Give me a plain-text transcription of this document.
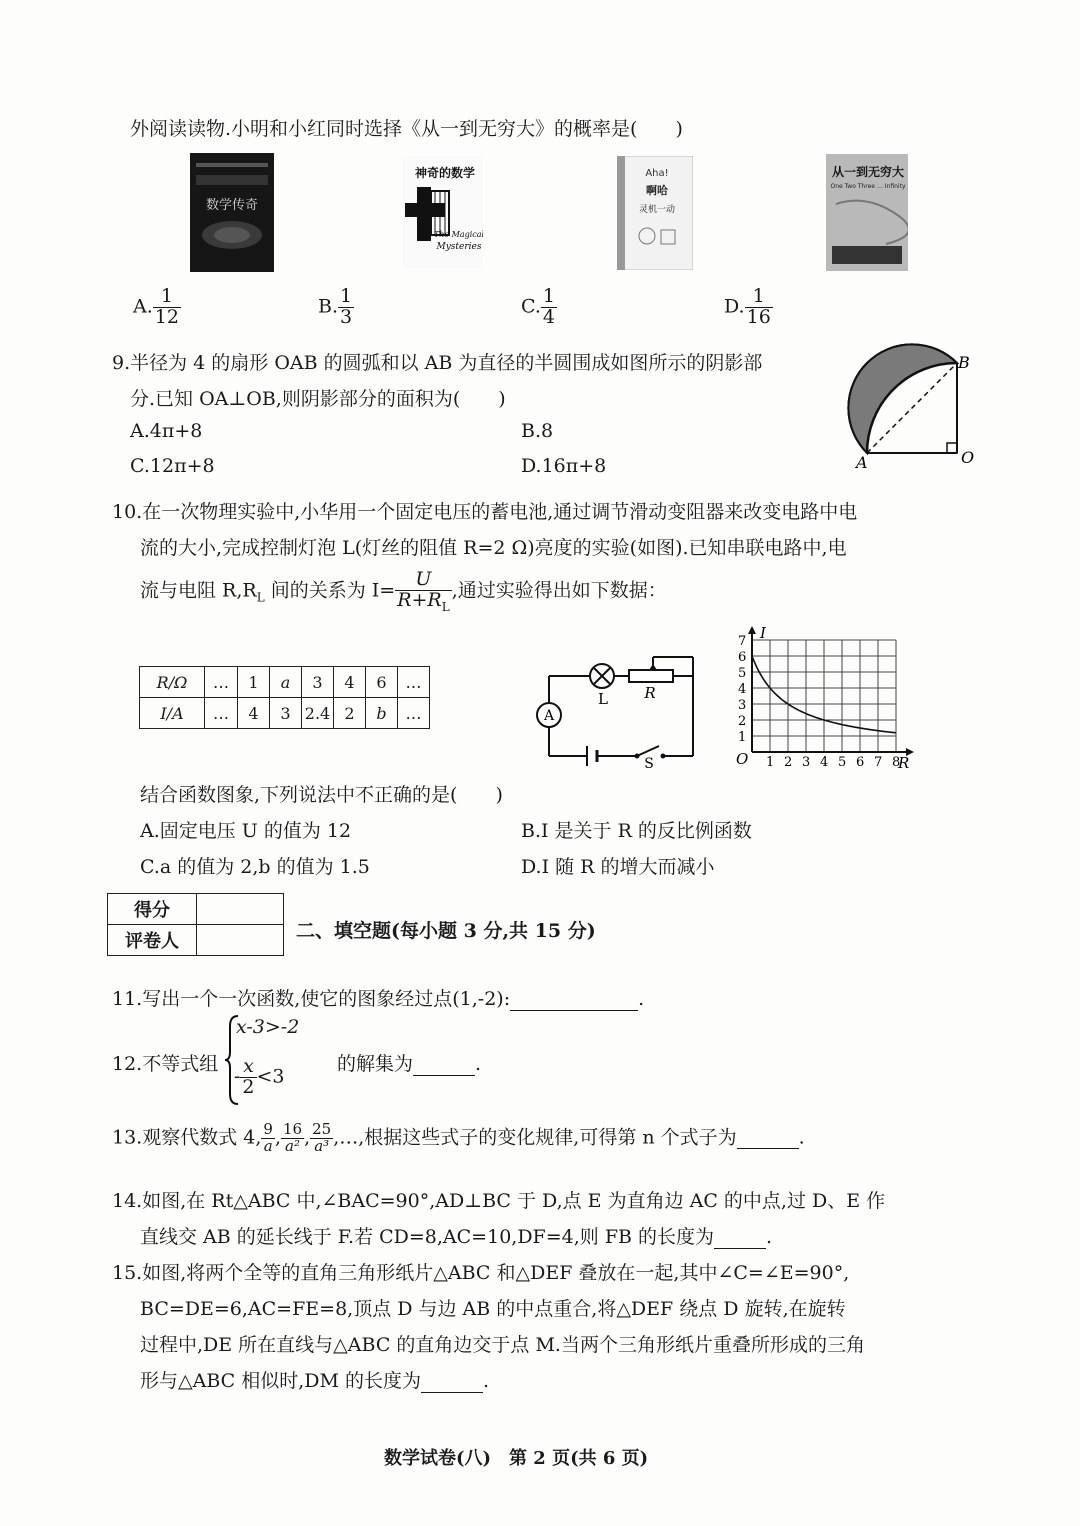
外阅读读物.小明和小红同时选择《从一到无穷大》的概率是(　　)
数学传奇
神奇的数学
The Magical
Mysteries
Aha!
啊哈
灵机一动
从一到无穷大
One Two Three … Infinity
A. $\frac{1}{12}$	B. $\frac{1}{3}$	C. $\frac{1}{4}$	D. $\frac{1}{16}$
9.半径为 4 的扇形 OAB 的圆弧和以 AB 为直径的半圆围成如图所示的阴影部
分.已知 OA⊥OB,则阴影部分的面积为(　　)
A.4π+8	B.8
C.12π+8	D.16π+8	A
B
O
10.在一次物理实验中,小华用一个固定电压的蓄电池,通过调节滑动变阻器来改变电路中电
流的大小,完成控制灯泡 L(灯丝的阻值 R=2 Ω)亮度的实验(如图).已知串联电路中,电
流与电阻 $R,R_L$ 间的关系为 $I= \frac{U}{R+R_L}$ ,通过实验得出如下数据：
R/Ω	…	1	a	3	4	6	…
I/A	…	4	3	2.4	2	b	…	A
L R
S
1
2
3
4
5
6
7
1 2 3 4 5 6 7 8
I
R
O
结合函数图象,下列说法中不正确的是(　　)
A.固定电压 U 的值为 12	B.I 是关于 R 的反比例函数
C.a 的值为 2,b 的值为 1.5	D.I 随 R 的增大而减小
得分	
评卷人		二、填空题(每小题 3 分,共 15 分)
11.写出一个一次函数,使它的图象经过点(1,-2):	.
12.不等式组
x-3>-2
- $\frac{x}{2} <3$
的解集为	.
13.观察代数式 4, $\frac{9}{a}$ , $\frac{16}{\text{a²}}$ , $\frac{25}{\text{a³}}$ ,…,根据这些式子的变化规律,可得第 n 个式子为	.
14.如图,在 Rt△ABC 中,∠BAC=90°,AD⊥BC 于 D,点 E 为直角边 AC 的中点,过 D、E 作
直线交 AB 的延长线于 F.若 CD=8,AC=10,DF=4,则 FB 的长度为	.
15.如图,将两个全等的直角三角形纸片△ABC 和△DEF 叠放在一起,其中∠C=∠E=90°,
BC=DE=6,AC=FE=8,顶点 D 与边 AB 的中点重合,将△DEF 绕点 D 旋转,在旋转
过程中,DE 所在直线与△ABC 的直角边交于点 M.当两个三角形纸片重叠所形成的三角
形与△ABC 相似时,DM 的长度为	.
数学试卷(八)　第 2 页(共 6 页)
